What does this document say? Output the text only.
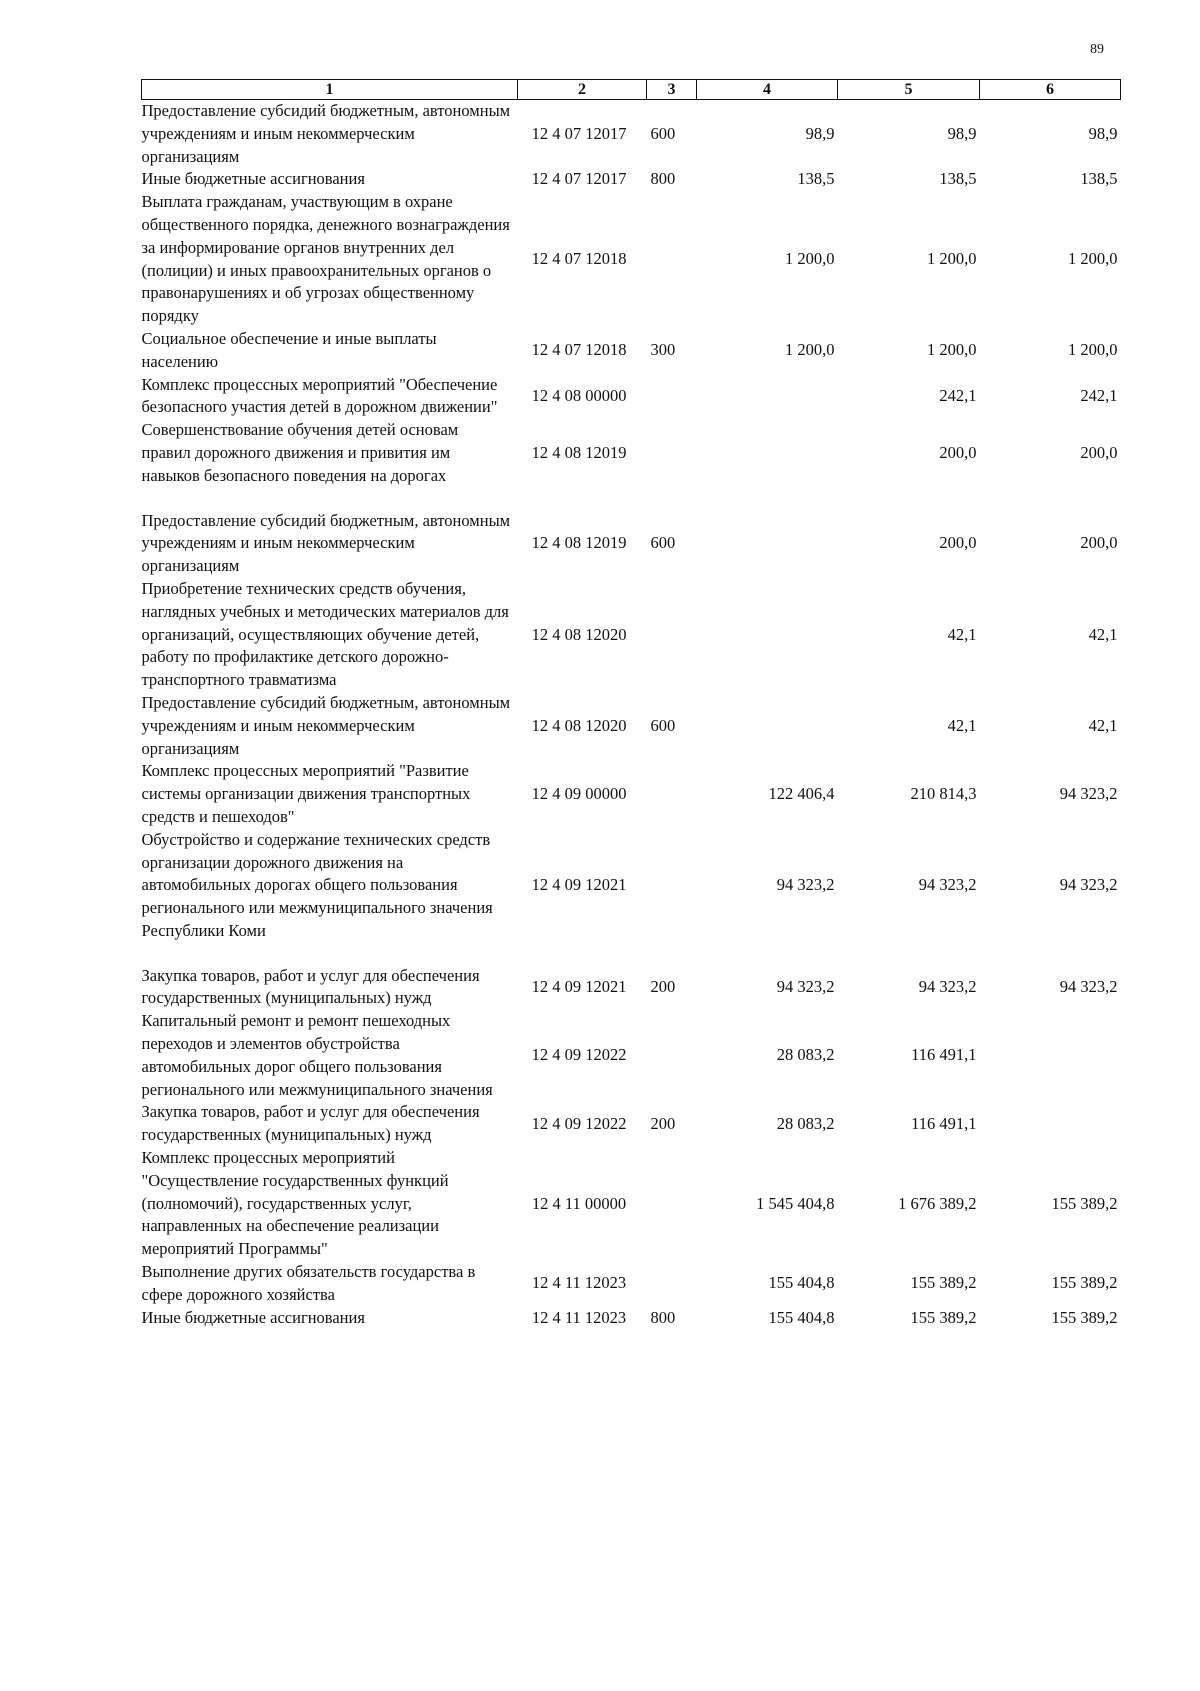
89
1	2	3	4	5	6
Предоставление субсидий бюджетным, автономным учреждениям и иным некоммерческим организациям	12 4 07 12017	600	98,9	98,9	98,9
Иные бюджетные ассигнования	12 4 07 12017	800	138,5	138,5	138,5
Выплата гражданам, участвующим в охране общественного порядка, денежного вознаграждения за информирование органов внутренних дел (полиции) и иных правоохранительных органов о правонарушениях и об угрозах общественному порядку	12 4 07 12018		1 200,0	1 200,0	1 200,0
Социальное обеспечение и иные выплаты населению	12 4 07 12018	300	1 200,0	1 200,0	1 200,0
Комплекс процессных мероприятий "Обеспечение безопасного участия детей в дорожном движении"	12 4 08 00000			242,1	242,1
Совершенствование обучения детей основам правил дорожного движения и привития им навыков безопасного поведения на дорогах	12 4 08 12019			200,0	200,0
Предоставление субсидий бюджетным, автономным учреждениям и иным некоммерческим организациям	12 4 08 12019	600		200,0	200,0
Приобретение технических средств обучения, наглядных учебных и методических материалов для организаций, осуществляющих обучение детей, работу по профилактике детского дорожно-транспортного травматизма	12 4 08 12020			42,1	42,1
Предоставление субсидий бюджетным, автономным учреждениям и иным некоммерческим организациям	12 4 08 12020	600		42,1	42,1
Комплекс процессных мероприятий "Развитие системы организации движения транспортных средств и пешеходов"	12 4 09 00000		122 406,4	210 814,3	94 323,2
Обустройство и содержание технических средств организации дорожного движения на автомобильных дорогах общего пользования регионального или межмуниципального значения Республики Коми	12 4 09 12021		94 323,2	94 323,2	94 323,2
Закупка товаров, работ и услуг для обеспечения государственных (муниципальных) нужд	12 4 09 12021	200	94 323,2	94 323,2	94 323,2
Капитальный ремонт и ремонт пешеходных переходов и элементов обустройства автомобильных дорог общего пользования регионального или межмуниципального значения	12 4 09 12022		28 083,2	116 491,1	
Закупка товаров, работ и услуг для обеспечения государственных (муниципальных) нужд	12 4 09 12022	200	28 083,2	116 491,1	
Комплекс процессных мероприятий "Осуществление государственных функций (полномочий), государственных услуг, направленных на обеспечение реализации мероприятий Программы"	12 4 11 00000		1 545 404,8	1 676 389,2	155 389,2
Выполнение других обязательств государства в сфере дорожного хозяйства	12 4 11 12023		155 404,8	155 389,2	155 389,2
Иные бюджетные ассигнования	12 4 11 12023	800	155 404,8	155 389,2	155 389,2
